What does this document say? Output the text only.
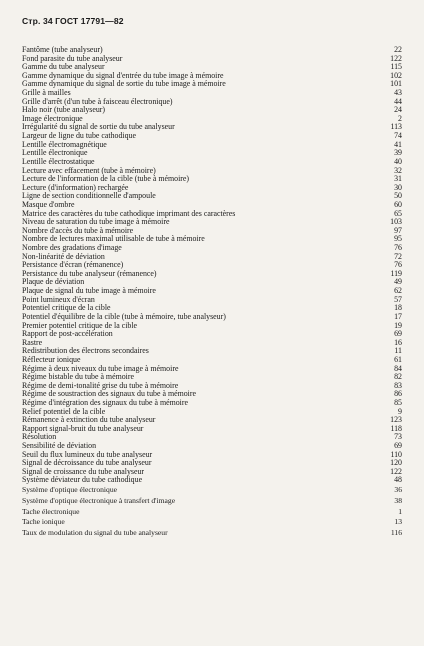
Стр. 34 ГОСТ 17791—82
Fantôme (tube analyseur)	22
Fond parasite du tube analyseur	122
Gamme du tube analyseur	115
Gamme dynamique du signal d'entrée du tube image à mémoire	102
Gamme dynamique du signal de sortie du tube image à mémoire	101
Grille à mailles	43
Grille d'arrêt (d'un tube à faisceau électronique)	44
Halo noir (tube analyseur)	24
Image électronique	2
Irrégularité du signal de sortie du tube analyseur	113
Largeur de ligne du tube cathodique	74
Lentille électromagnétique	41
Lentille électronique	39
Lentille électrostatique	40
Lecture avec effacement (tube à mémoire)	32
Lecture de l'information de la cible (tube à mémoire)	31
Lecture (d'information) rechargée	30
Ligne de section conditionnelle d'ampoule	50
Masque d'ombre	60
Matrice des caractères du tube cathodique imprimant des caractères	65
Niveau de saturation du tube image à mémoire	103
Nombre d'accès du tube à mémoire	97
Nombre de lectures maximal utilisable de tube à mémoire	95
Nombre des gradations d'image	76
Non-linéarité de déviation	72
Persistance d'écran (rémanence)	76
Persistance du tube analyseur (rémanence)	119
Plaque de déviation	49
Plaque de signal du tube image à mémoire	62
Point lumineux d'écran	57
Potentiel critique de la cible	18
Potentiel d'équilibre de la cible (tube à mémoire, tube analyseur)	17
Premier potentiel critique de la cible	19
Rapport de post-accélération	69
Rastre	16
Redistribution des électrons secondaires	11
Réflecteur ionique	61
Régime à deux niveaux du tube image à mémoire	84
Régime bistable du tube à mémoire	82
Régime de demi-tonalité grise du tube à mémoire	83
Régime de soustraction des signaux du tube à mémoire	86
Régime d'intégration des signaux du tube à mémoire	85
Relief potentiel de la cible	9
Rémanence à extinction du tube analyseur	123
Rapport signal-bruit du tube analyseur	118
Résolution	73
Sensibilité de déviation	69
Seuil du flux lumineux du tube analyseur	110
Signal de décroissance du tube analyseur	120
Signal de croissance du tube analyseur	122
Système déviateur du tube cathodique	48
Système d'optique électronique	36
Système d'optique électronique à transfert d'image	38
Tache électronique	1
Tache ionique	13
Taux de modulation du signal du tube analyseur	116
